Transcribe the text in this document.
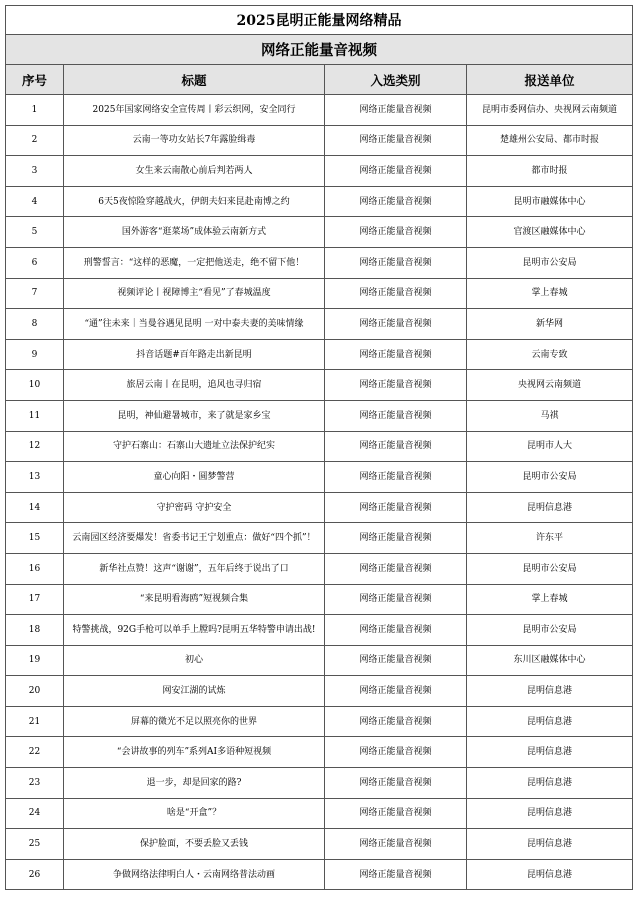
2025昆明正能量网络精品			
网络正能量音视频			
序号	标题	入选类别	报送单位
1	2025年国家网络安全宣传周丨彩云织网，安全同行	网络正能量音视频	昆明市委网信办、央视网云南频道
2	云南一等功女站长7年露脸缉毒	网络正能量音视频	楚雄州公安局、都市时报
3	女生来云南散心前后判若两人	网络正能量音视频	都市时报
4	6天5夜惊险穿越战火，伊朗夫妇来昆赴南博之约	网络正能量音视频	昆明市融媒体中心
5	国外游客“逛菜场”成体验云南新方式	网络正能量音视频	官渡区融媒体中心
6	刑警誓言：“这样的恶魔，一定把他送走，绝不留下他！	网络正能量音视频	昆明市公安局
7	视频评论丨视障博主“看见”了春城温度	网络正能量音视频	掌上春城
8	“通”往未来｜当曼谷遇见昆明 一对中泰夫妻的美味情缘	网络正能量音视频	新华网
9	抖音话题#百年路走出新昆明	网络正能量音视频	云南专致
10	旅居云南丨在昆明，追风也寻归宿	网络正能量音视频	央视网云南频道
11	昆明，神仙避暑城市，来了就是家乡宝	网络正能量音视频	马祺
12	守护石寨山：石寨山大遗址立法保护纪实	网络正能量音视频	昆明市人大
13	童心向阳・圆梦警营	网络正能量音视频	昆明市公安局
14	守护密码 守护安全	网络正能量音视频	昆明信息港
15	云南园区经济要爆发！省委书记王宁划重点：做好“四个抓”！	网络正能量音视频	许东平
16	新华社点赞！这声“谢谢”，五年后终于说出了口	网络正能量音视频	昆明市公安局
17	“来昆明看海鸥”短视频合集	网络正能量音视频	掌上春城
18	特警挑战，92G手枪可以单手上膛吗?昆明五华特警申请出战!	网络正能量音视频	昆明市公安局
19	初心	网络正能量音视频	东川区融媒体中心
20	网安江湖的试炼	网络正能量音视频	昆明信息港
21	屏幕的微光不足以照亮你的世界	网络正能量音视频	昆明信息港
22	“会讲故事的列车”系列AI多语种短视频	网络正能量音视频	昆明信息港
23	退一步，却是回家的路?	网络正能量音视频	昆明信息港
24	啥是“开盒”？	网络正能量音视频	昆明信息港
25	保护脸面，不要丢脸又丢钱	网络正能量音视频	昆明信息港
26	争做网络法律明白人・云南网络普法动画	网络正能量音视频	昆明信息港
